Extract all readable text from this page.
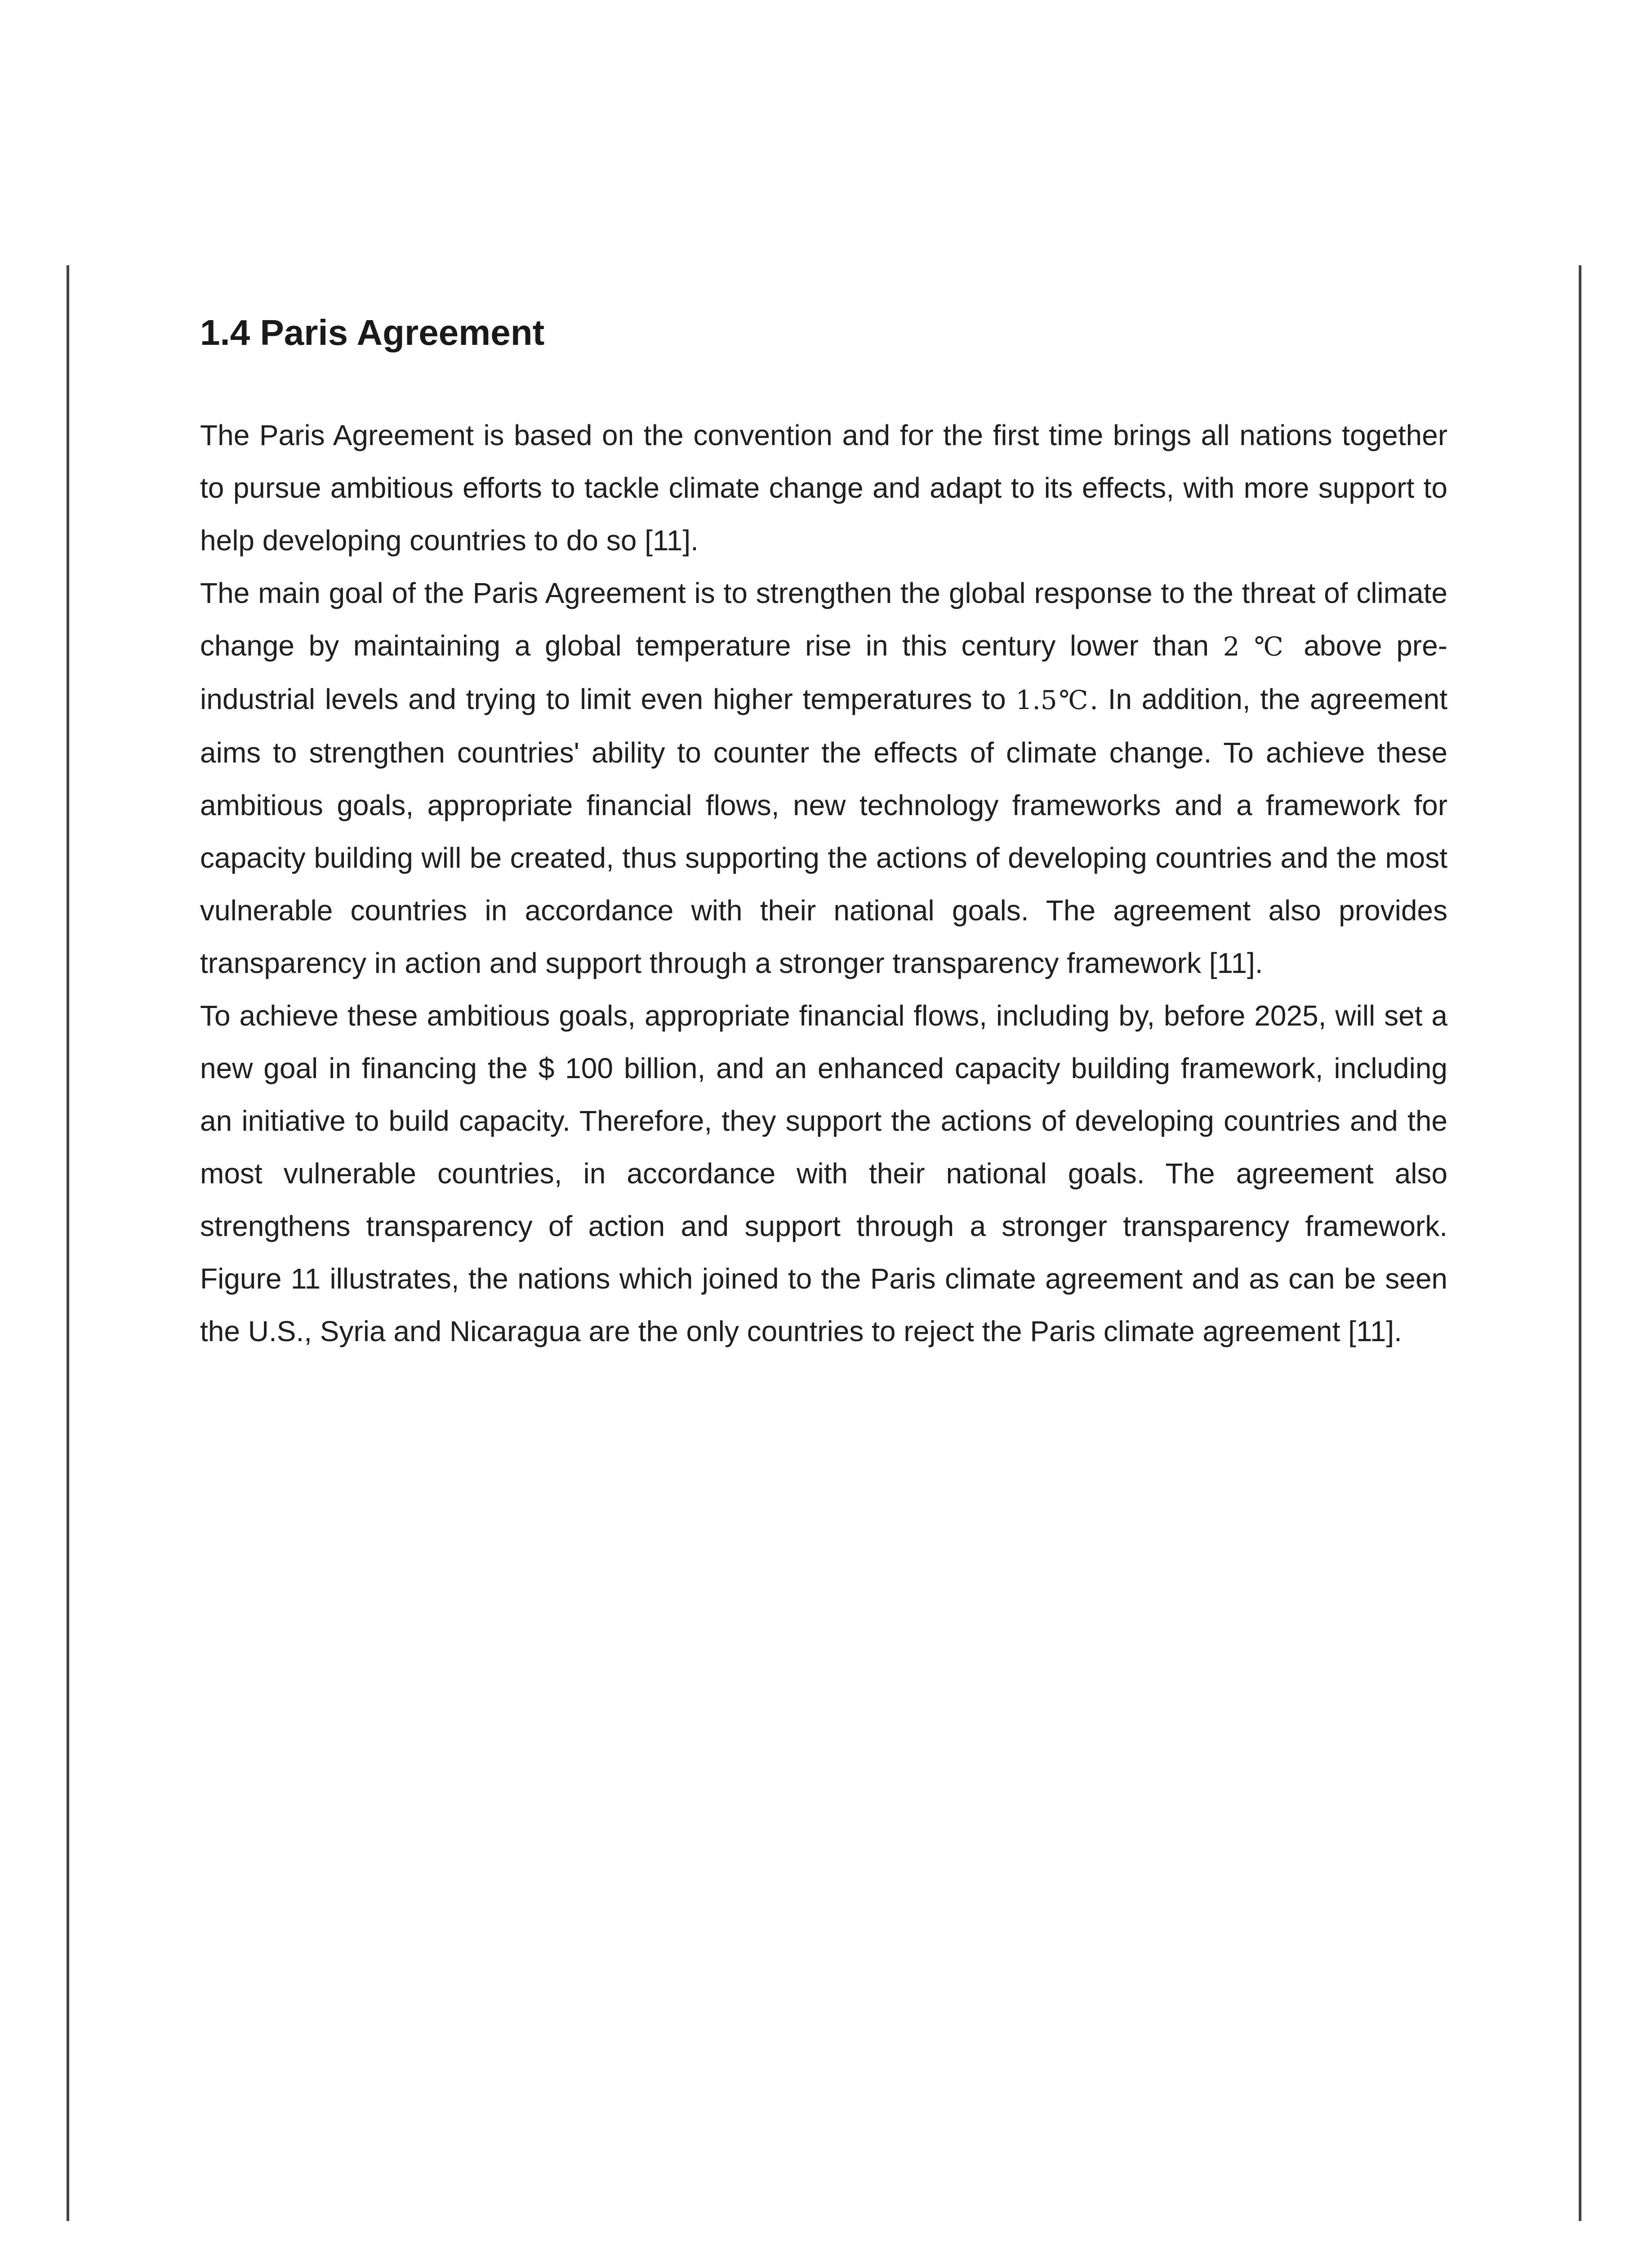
1.4 Paris Agreement

The Paris Agreement is based on the convention and for the first time brings all nations together to pursue ambitious efforts to tackle climate change and adapt to its effects, with more support to help developing countries to do so [11].

The main goal of the Paris Agreement is to strengthen the global response to the threat of climate change by maintaining a global temperature rise in this century lower than 2 ℃ above pre-industrial levels and trying to limit even higher temperatures to 1.5℃. In addition, the agreement aims to strengthen countries' ability to counter the effects of climate change. To achieve these ambitious goals, appropriate financial flows, new technology frameworks and a framework for capacity building will be created, thus supporting the actions of developing countries and the most vulnerable countries in accordance with their national goals. The agreement also provides transparency in action and support through a stronger transparency framework [11].

To achieve these ambitious goals, appropriate financial flows, including by, before 2025, will set a new goal in financing the $ 100 billion, and an enhanced capacity building framework, including an initiative to build capacity. Therefore, they support the actions of developing countries and the most vulnerable countries, in accordance with their national goals. The agreement also strengthens transparency of action and support through a stronger transparency framework. Figure 11 illustrates, the nations which joined to the Paris climate agreement and as can be seen the U.S., Syria and Nicaragua are the only countries to reject the Paris climate agreement [11].
